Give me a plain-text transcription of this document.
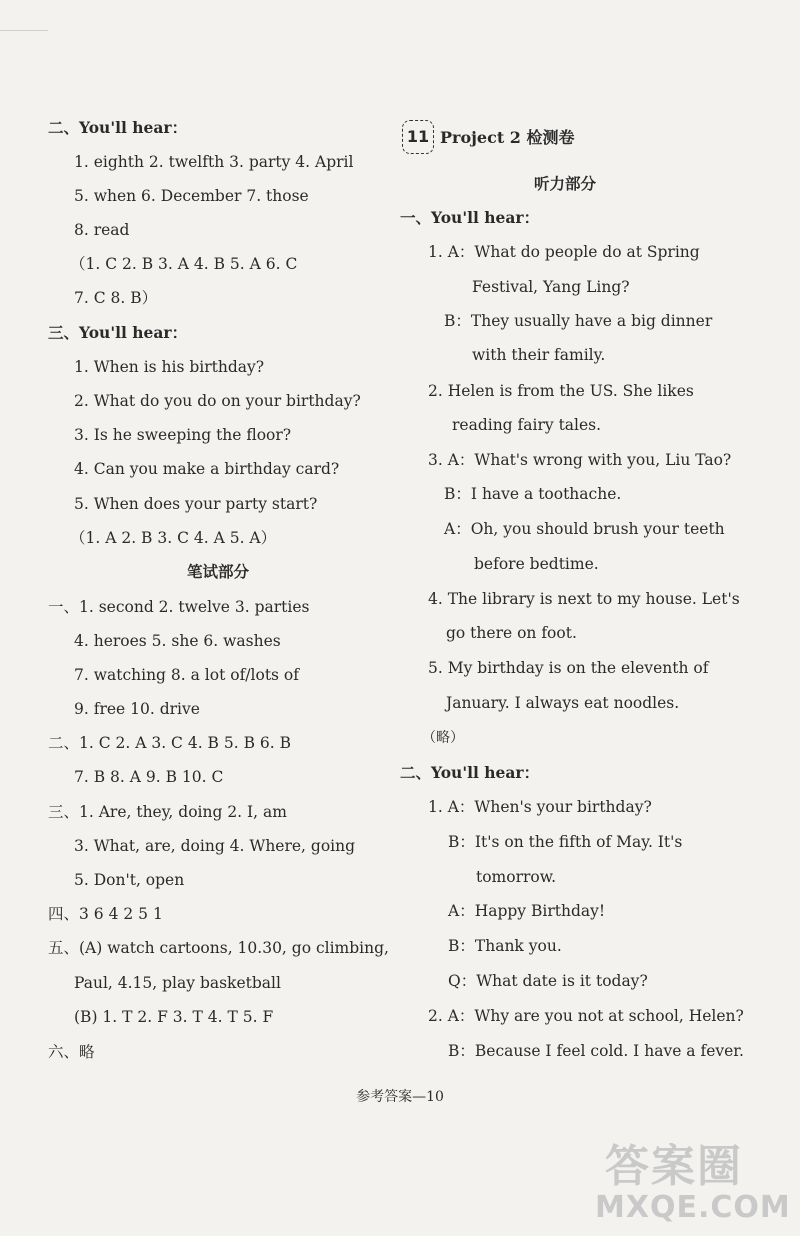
二、You'll hear：
1. eighth 2. twelfth 3. party 4. April
5. when 6. December 7. those
8. read
（1. C 2. B 3. A 4. B 5. A 6. C
7. C 8. B）
三、You'll hear：
1. When is his birthday?
2. What do you do on your birthday?
3. Is he sweeping the floor?
4. Can you make a birthday card?
5. When does your party start?
（1. A 2. B 3. C 4. A 5. A）
笔试部分
一、1. second 2. twelve 3. parties
4. heroes 5. she 6. washes
7. watching 8. a lot of/lots of
9. free 10. drive
二、1. C 2. A 3. C 4. B 5. B 6. B
7. B 8. A 9. B 10. C
三、1. Are, they, doing 2. I, am
3. What, are, doing 4. Where, going
5. Don't, open
四、3 6 4 2 5 1
五、(A) watch cartoons, 10.30, go climbing,
Paul, 4.15, play basketball
(B) 1. T 2. F 3. T 4. T 5. F
六、略
11 Project 2 检测卷
听力部分
一、You'll hear：
1. A：What do people do at Spring
Festival, Yang Ling?
B：They usually have a big dinner
with their family.
2. Helen is from the US. She likes
reading fairy tales.
3. A：What's wrong with you, Liu Tao?
B：I have a toothache.
A：Oh, you should brush your teeth
before bedtime.
4. The library is next to my house. Let's
go there on foot.
5. My birthday is on the eleventh of
January. I always eat noodles.
（略）
二、You'll hear：
1. A：When's your birthday?
B：It's on the fifth of May. It's
tomorrow.
A：Happy Birthday!
B：Thank you.
Q：What date is it today?
2. A：Why are you not at school, Helen?
B：Because I feel cold. I have a fever.
参考答案—10
答案圈
MXQE.COM
